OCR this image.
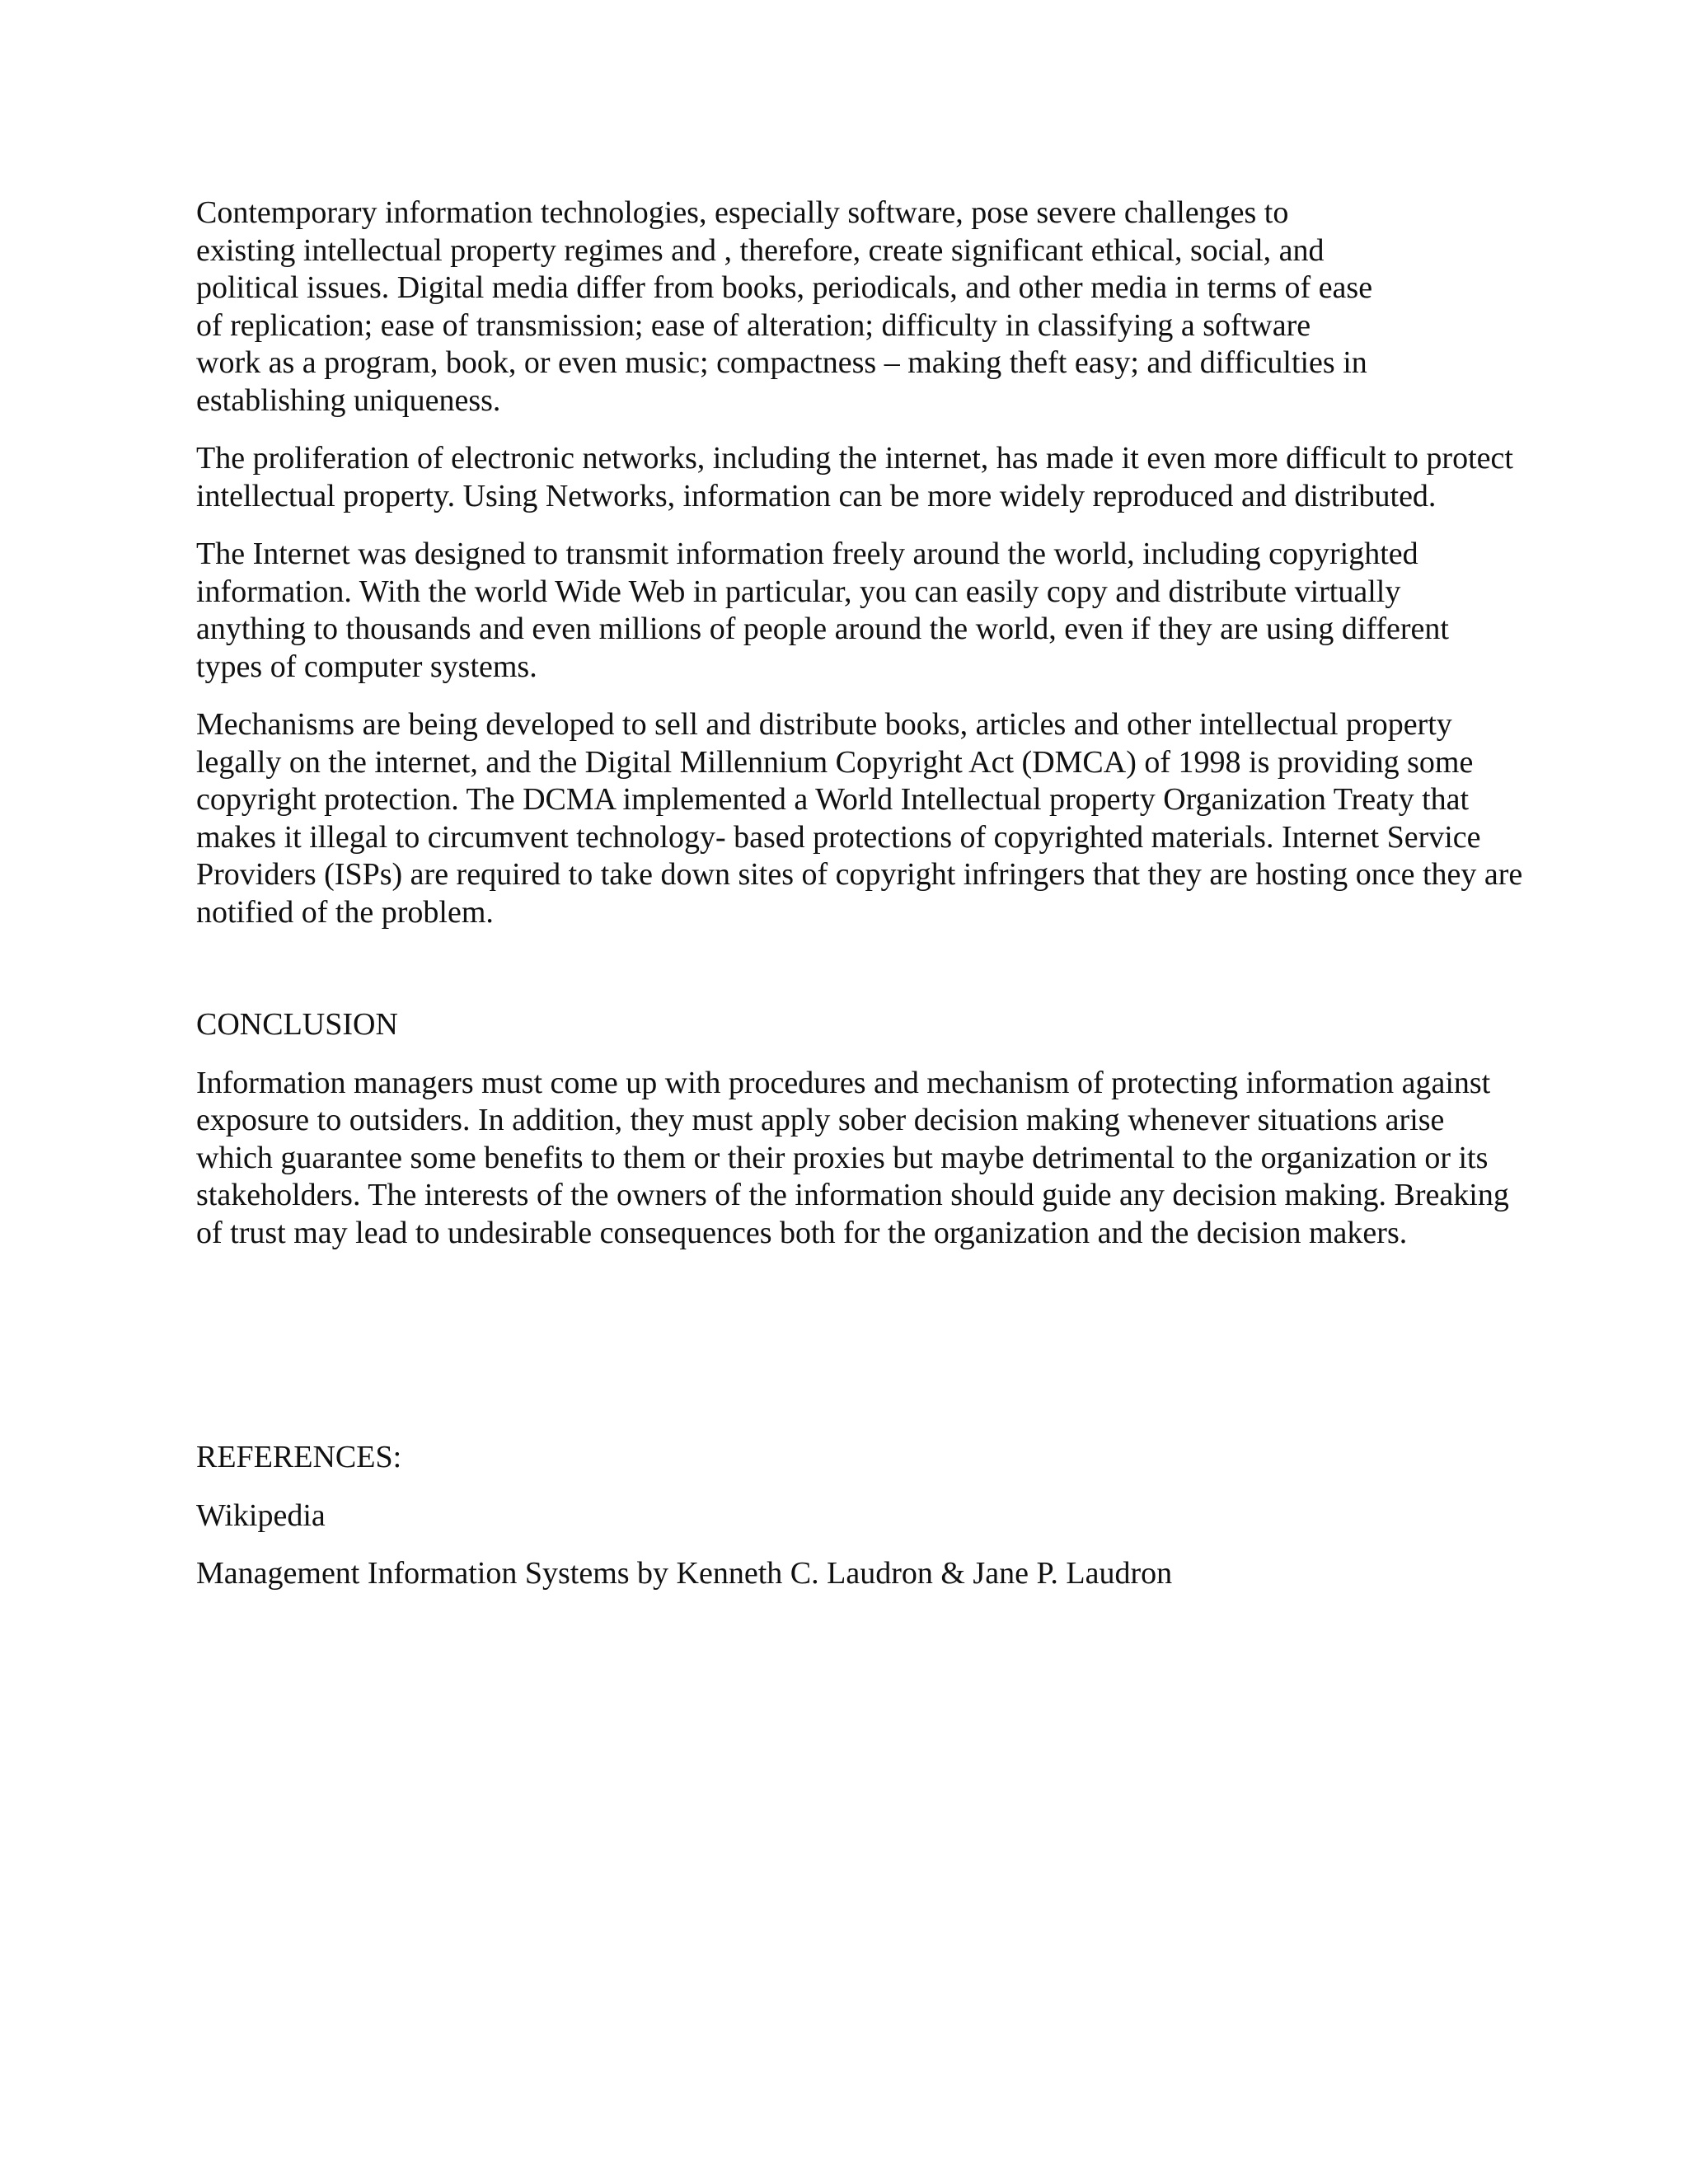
Contemporary information technologies, especially software, pose severe challenges to
existing intellectual property regimes and , therefore, create significant ethical, social, and
political issues. Digital media differ from books, periodicals, and other media in terms of ease
of replication; ease of transmission; ease of alteration; difficulty in classifying a software
work as a program, book, or even music; compactness – making theft easy; and difficulties in
establishing uniqueness.
The proliferation of electronic networks, including the internet, has made it even more difficult to protect
intellectual property. Using Networks, information can be more widely reproduced and distributed.
The Internet was designed to transmit information freely around the world, including copyrighted
information. With the world Wide Web in particular, you can easily copy and distribute virtually
anything to thousands and even millions of people around the world, even if they are using different
types of computer systems.
Mechanisms are being developed to sell and distribute books, articles and other intellectual property
legally on the internet, and the Digital Millennium Copyright Act (DMCA) of 1998 is providing some
copyright protection. The DCMA implemented a World Intellectual property Organization Treaty that
makes it illegal to circumvent technology- based protections of copyrighted materials. Internet Service
Providers (ISPs) are required to take down sites of copyright infringers that they are hosting once they are
notified of the problem.
CONCLUSION
Information managers must come up with procedures and mechanism of protecting information against
exposure to outsiders. In addition, they must apply sober decision making whenever situations arise
which guarantee some benefits to them or their proxies but maybe detrimental to the organization or its
stakeholders. The interests of the owners of the information should guide any decision making. Breaking
of trust may lead to undesirable consequences both for the organization and the decision makers.
REFERENCES:
Wikipedia
Management Information Systems by Kenneth C. Laudron & Jane P. Laudron
